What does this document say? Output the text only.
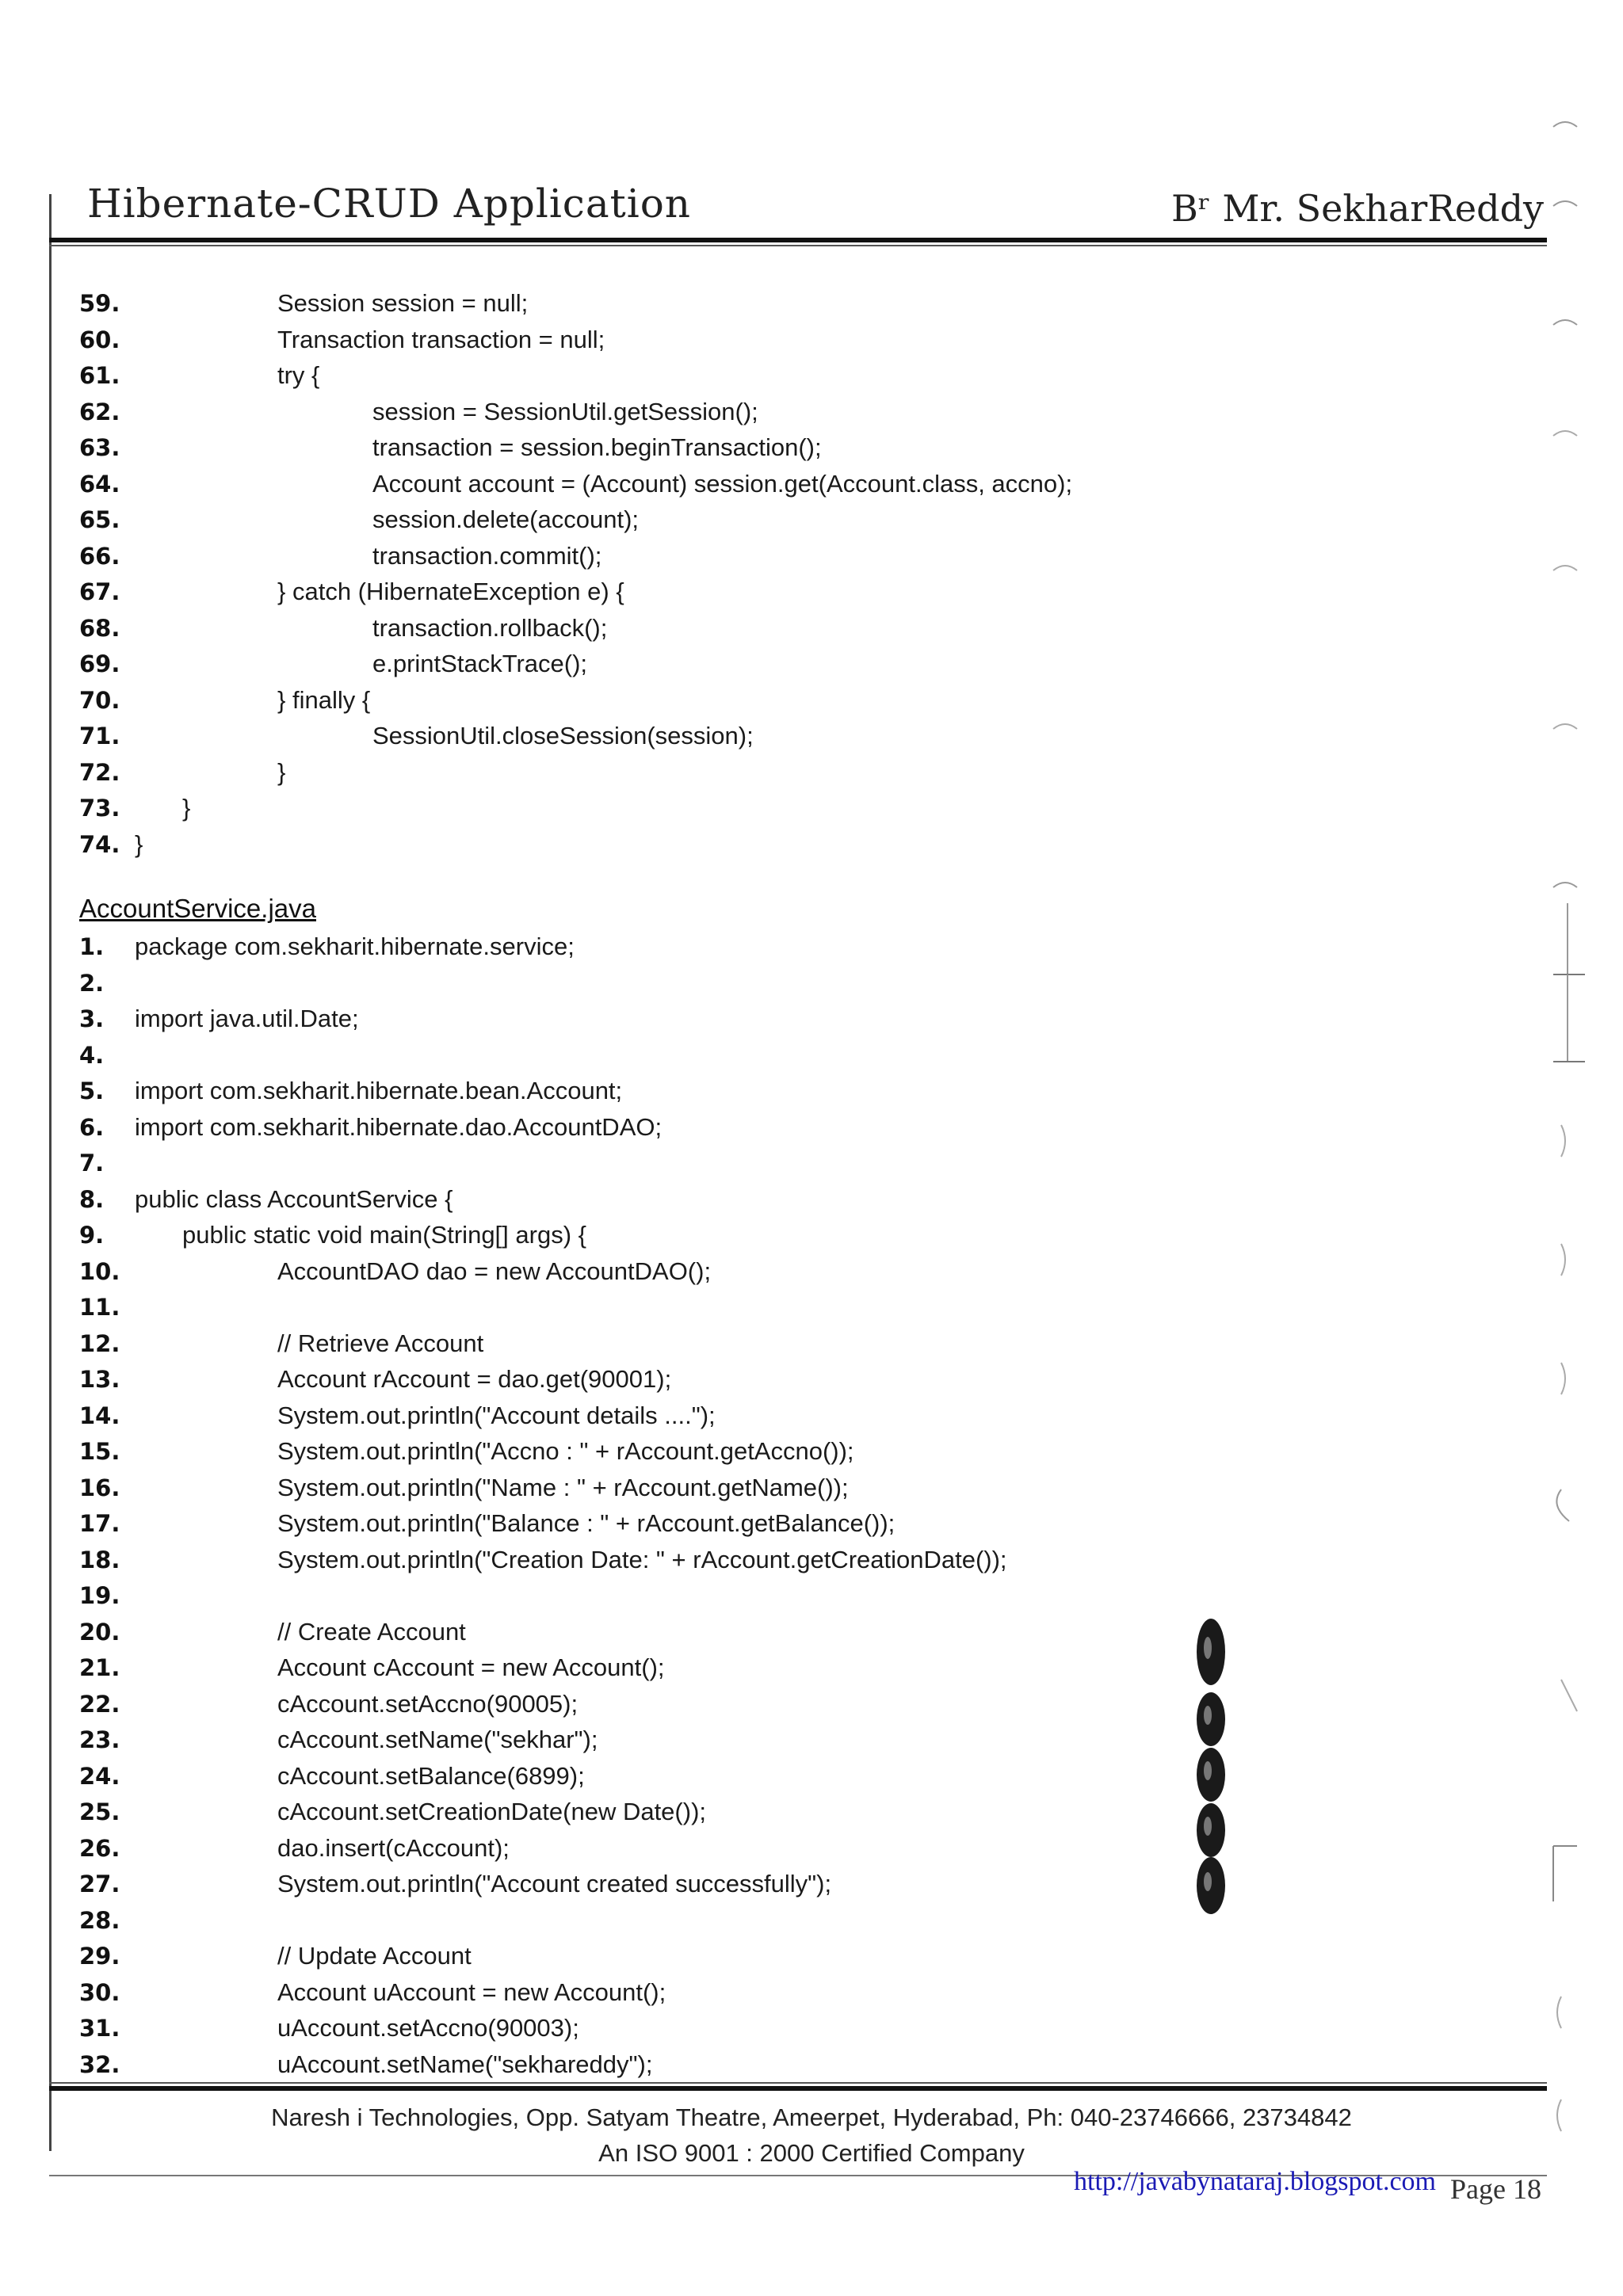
Hibernate-CRUD Application	Bʳ Mr. SekharReddy
59.	Session session = null;
60.	Transaction transaction = null;
61.	try {
62.	session = SessionUtil.getSession();
63.	transaction = session.beginTransaction();
64.	Account account = (Account) session.get(Account.class, accno);
65.	session.delete(account);
66.	transaction.commit();
67.	} catch (HibernateException e) {
68.	transaction.rollback();
69.	e.printStackTrace();
70.	} finally {
71.	SessionUtil.closeSession(session);
72.	}
73.	}
74. }
AccountService.java
1. package com.sekharit.hibernate.service;
2.
3. import java.util.Date;
4.
5. import com.sekharit.hibernate.bean.Account;
6. import com.sekharit.hibernate.dao.AccountDAO;
7.
8. public class AccountService {
9.	public static void main(String[] args) {
10.	AccountDAO dao = new AccountDAO();
11.
12.	// Retrieve Account
13.	Account rAccount = dao.get(90001);
14.	System.out.println("Account details ....");
15.	System.out.println("Accno : " + rAccount.getAccno());
16.	System.out.println("Name : " + rAccount.getName());
17.	System.out.println("Balance : " + rAccount.getBalance());
18.	System.out.println("Creation Date: " + rAccount.getCreationDate());
19.
20.	// Create Account
21.	Account cAccount = new Account();
22.	cAccount.setAccno(90005);
23.	cAccount.setName("sekhar");
24.	cAccount.setBalance(6899);
25.	cAccount.setCreationDate(new Date());
26.	dao.insert(cAccount);
27.	System.out.println("Account created successfully");
28.
29.	// Update Account
30.	Account uAccount = new Account();
31.	uAccount.setAccno(90003);
32.	uAccount.setName("sekhareddy");
Naresh i Technologies, Opp. Satyam Theatre, Ameerpet, Hyderabad, Ph: 040-23746666, 23734842
An ISO 9001 : 2000 Certified Company
http://javabynataraj.blogspot.com Page 18
